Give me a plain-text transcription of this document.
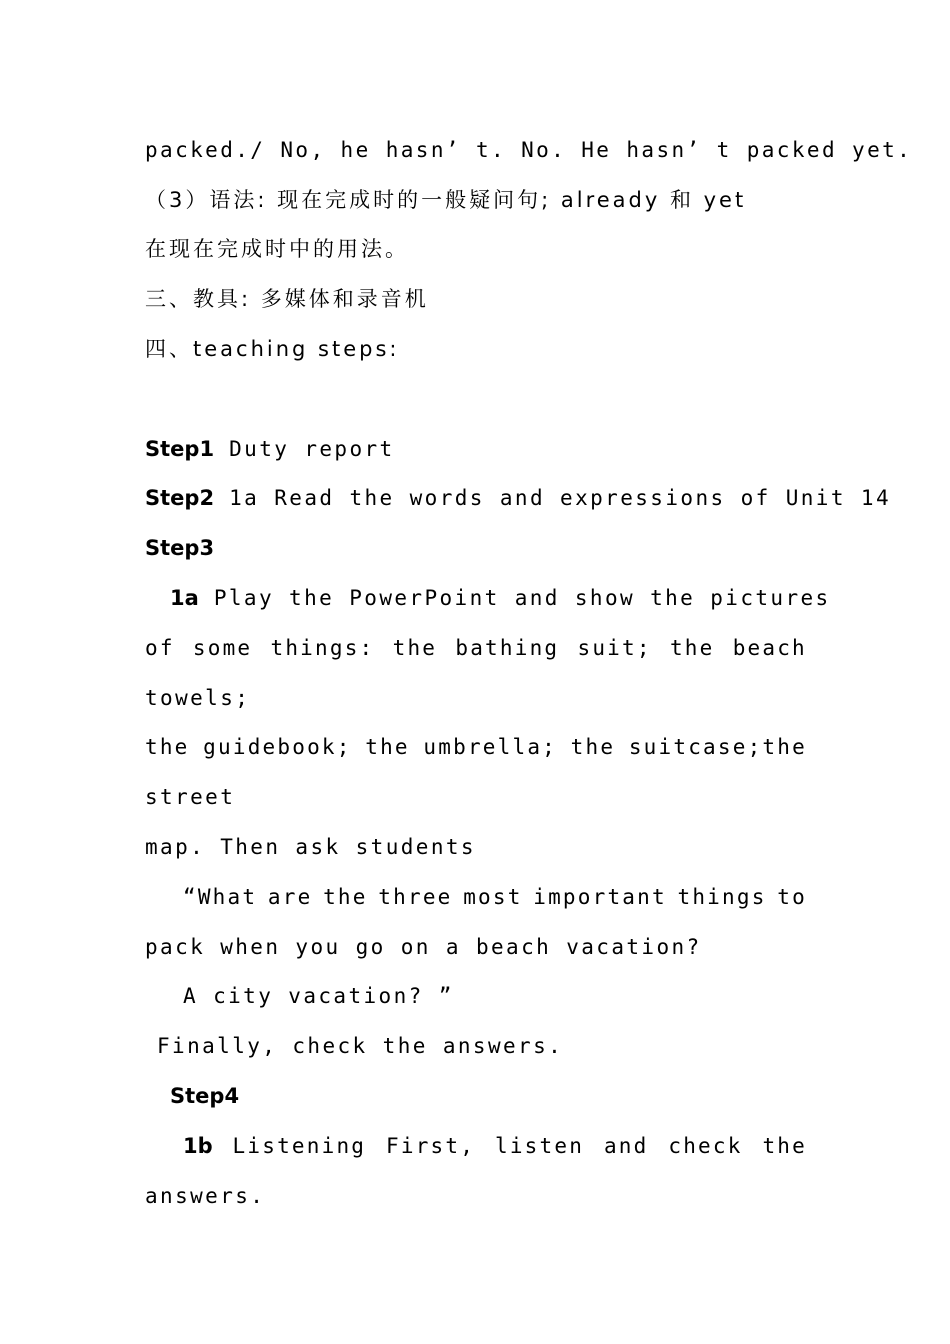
packed./ No, he hasn’ t. No. He hasn’ t packed yet.
（3）语法: 现在完成时的一般疑问句; already 和 yet
在现在完成时中的用法。
三、教具: 多媒体和录音机
四、teaching steps:
Step1 Duty report
Step2 1a Read the words and expressions of Unit 14
Step3
1a Play the PowerPoint and show the pictures
of some things: the bathing suit; the beach
towels;
the guidebook; the umbrella; the suitcase;the
street
map. Then ask students
“What are the three most important things to
pack when you go on a beach vacation?
A city vacation? ”
Finally, check the answers.
Step4
1b Listening First, listen and check the
answers.
